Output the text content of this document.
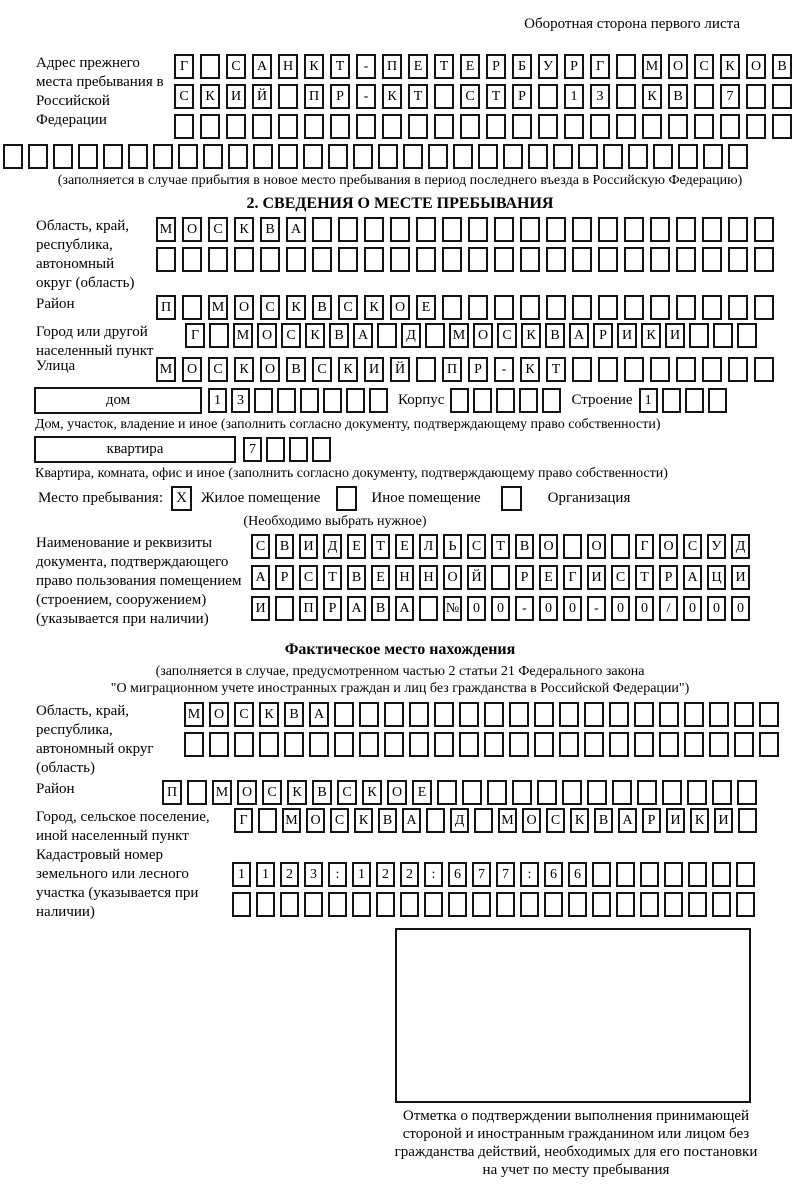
Оборотная сторона первого листа
Адрес прежнего места пребывания в Российской Федерации
Г	С	А	Н	К	Т	-	П	Е	Т	Е	Р	Б	У	Р	Г	М	О	С	К	О	В
С	К	И	Й	П	Р	-	К	Т	С	Т	Р	1	3	К	В	7
(заполняется в случае прибытия в новое место пребывания в период последнего въезда в Российскую Федерацию)
2. СВЕДЕНИЯ О МЕСТЕ ПРЕБЫВАНИЯ
Область, край, республика, автономный округ (область)
М	О	С	К	В	А
Район	П	М	О	С	К	В	С	К	О	Е
Город или другой населенный пункт
Г	М О	С	К	В	А	Д	М О	С	К	В	А	Р	И	К	И
Улица	М	О	С	К	О	В	С	К	И	Й	П	Р	-	К	Т
дом	1	3	Корпус	Строение 1
Дом, участок, владение и иное (заполнить согласно документу, подтверждающему право собственности)
квартира	7
Квартира, комната, офис и иное (заполнить согласно документу, подтверждающему право собственности)
Место пребывания: X Жилое помещение	Иное помещение	Организация
(Необходимо выбрать нужное)
Наименование и реквизиты документа, подтверждающего право пользования помещением (строением, сооружением) (указывается при наличии)
С	В	И	Д	Е	Т	Е	Л	Ь	С	Т	В	О	О	Г	О	С	У	Д
А	Р	С	Т	В	Е	Н Н О Й	Р	Е	Г	И	С	Т	Р	А Ц И
И	П	Р	А	В	А	№ 0	0	-	0	0	-	0	0	/	0	0	0
Фактическое место нахождения
(заполняется в случае, предусмотренном частью 2 статьи 21 Федерального закона
"О миграционном учете иностранных граждан и лиц без гражданства в Российской Федерации")
Область, край, республика, автономный округ (область)
М О	С	К	В	А
Район	П	М О	С	К	В	С	К	О	Е
Город, сельское поселение, иной населенный пункт
Г	М О	С	К	В	А	Д	М О	С	К	В	А	Р	И	К	И
Кадастровый номер земельного или лесного участка (указывается при наличии)
1	1	2	3	:	1	2	2	:	6	7	7	:	6	6
Отметка о подтверждении выполнения принимающей стороной и иностранным гражданином или лицом без гражданства действий, необходимых для его постановки на учет по месту пребывания
